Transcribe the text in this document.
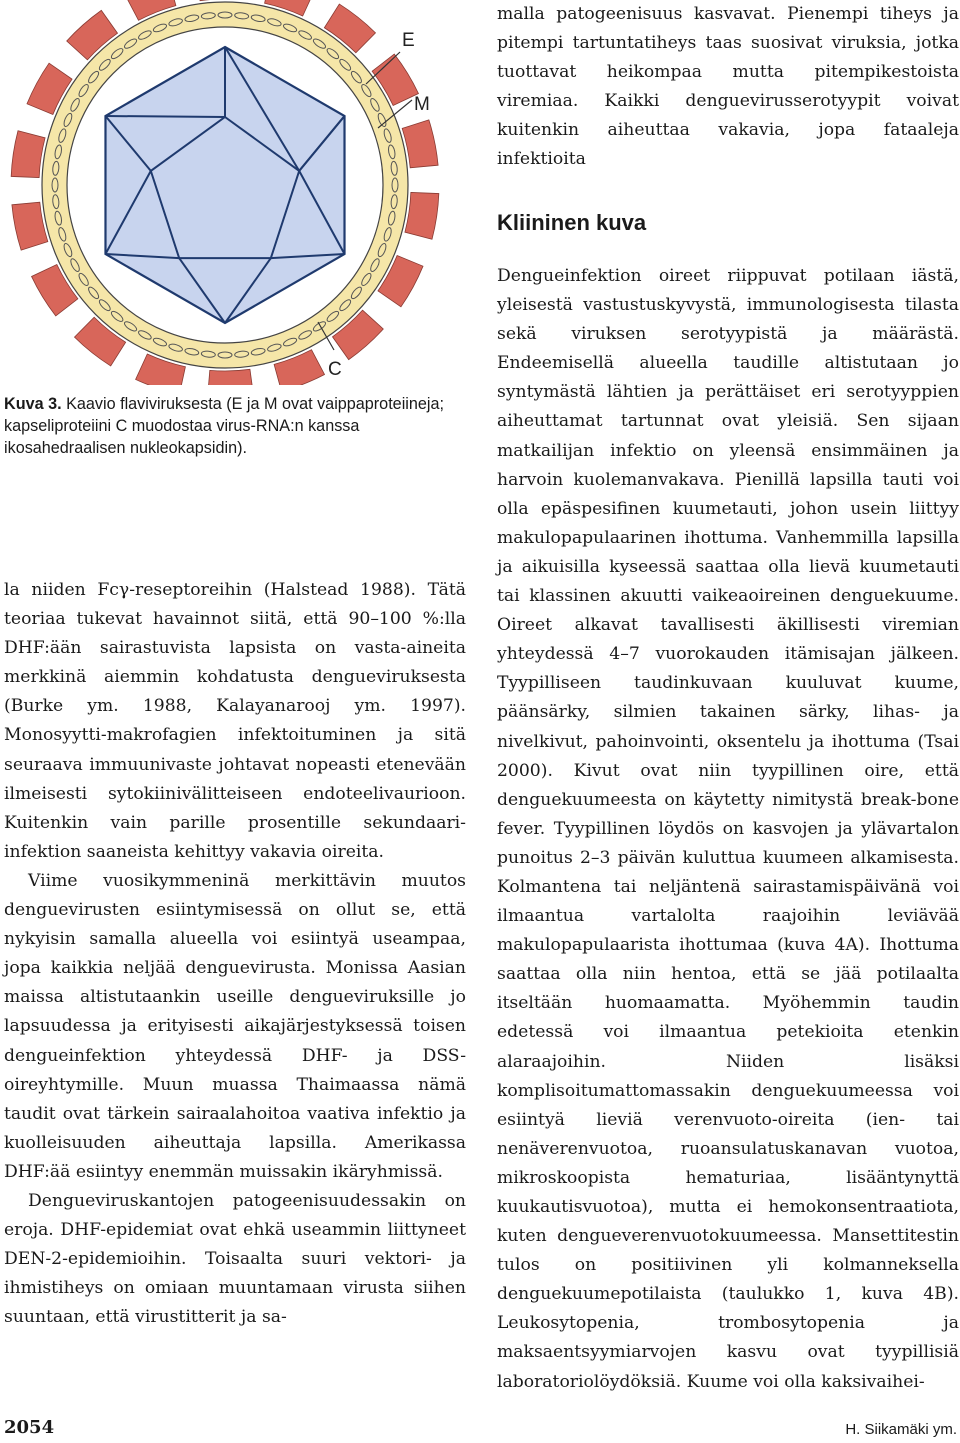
E
M
C
Kuva 3. Kaavio flaviviruksesta (E ja M ovat vaippaproteiineja; kapseliproteiini C muodostaa virus-RNA:n kanssa ikosahedraalisen nukleokapsidin).

la niiden Fcγ-reseptoreihin (Halstead 1988). Tätä teoriaa tukevat havainnot siitä, että 90–100 %:lla DHF:ään sairastuvista lapsista on vasta-aineita merkkinä aiemmin kohdatusta dengueviruksesta (Burke ym. 1988, Kalayanarooj ym. 1997). Monosyytti-makrofagien infektoituminen ja sitä seuraava immuunivaste johtavat nopeasti etenevään ilmeisesti sytokiinivälitteiseen endoteelivaurioon. Kuitenkin vain parille prosentille sekundaari-infektion saaneista kehittyy vakavia oireita.

Viime vuosikymmeninä merkittävin muutos denguevirusten esiintymisessä on ollut se, että nykyisin samalla alueella voi esiintyä useampaa, jopa kaikkia neljää denguevirusta. Monissa Aasian maissa altistutaankin useille dengueviruksille jo lapsuudessa ja erityisesti aikajärjestyksessä toisen dengueinfektion yhteydessä DHF- ja DSS-oireyhtymille. Muun muassa Thaimaassa nämä taudit ovat tärkein sairaalahoitoa vaativa infektio ja kuolleisuuden aiheuttaja lapsilla. Amerikassa DHF:ää esiintyy enemmän muissakin ikäryhmissä.

Dengueviruskantojen patogeenisuudessakin on eroja. DHF-epidemiat ovat ehkä useammin liittyneet DEN-2-epidemioihin. Toisaalta suuri vektori- ja ihmistiheys on omiaan muuntamaan virusta siihen suuntaan, että virustitterit ja sa-

malla patogeenisuus kasvavat. Pienempi tiheys ja pitempi tartuntatiheys taas suosivat viruksia, jotka tuottavat heikompaa mutta pitempikestoista viremiaa. Kaikki denguevirusserotyypit voivat kuitenkin aiheuttaa vakavia, jopa fataaleja infektioita

Kliininen kuva

Dengueinfektion oireet riippuvat potilaan iästä, yleisestä vastustuskyvystä, immunologisesta tilasta sekä viruksen serotyypistä ja määrästä. Endeemisellä alueella taudille altistutaan jo syntymästä lähtien ja perättäiset eri serotyyppien aiheuttamat tartunnat ovat yleisiä. Sen sijaan matkailijan infektio on yleensä ensimmäinen ja harvoin kuolemanvakava. Pienillä lapsilla tauti voi olla epäspesifinen kuumetauti, johon usein liittyy makulopapulaarinen ihottuma. Vanhemmilla lapsilla ja aikuisilla kyseessä saattaa olla lievä kuumetauti tai klassinen akuutti vaikeaoireinen denguekuume. Oireet alkavat tavallisesti äkillisesti viremian yhteydessä 4–7 vuorokauden itämisajan jälkeen. Tyypilliseen taudinkuvaan kuuluvat kuume, päänsärky, silmien takainen särky, lihas- ja nivelkivut, pahoinvointi, oksentelu ja ihottuma (Tsai 2000). Kivut ovat niin tyypillinen oire, että denguekuumeesta on käytetty nimitystä break-bone fever. Tyypillinen löydös on kasvojen ja ylävartalon punoitus 2–3 päivän kuluttua kuumeen alkamisesta. Kolmantena tai neljäntenä sairastamispäivänä voi ilmaantua vartalolta raajoihin leviävää makulopapulaarista ihottumaa (kuva 4A). Ihottuma saattaa olla niin hentoa, että se jää potilaalta itseltään huomaamatta. Myöhemmin taudin edetessä voi ilmaantua petekioita etenkin alaraajoihin. Niiden lisäksi komplisoitumattomassakin denguekuumeessa voi esiintyä lieviä verenvuoto-oireita (ien- tai nenäverenvuotoa, ruoansulatuskanavan vuotoa, mikroskoopista hematuriaa, lisääntynyttä kuukautisvuotoa), mutta ei hemokonsentraatiota, kuten dengueverenvuotokuumeessa. Mansettitestin tulos on positiivinen yli kolmanneksella denguekuumepotilaista (taulukko 1, kuva 4B). Leukosytopenia, trombosytopenia ja maksaentsyymiarvojen kasvu ovat tyypillisiä laboratoriolöydöksiä. Kuume voi olla kaksivaihei-

2054	H. Siikamäki ym.
